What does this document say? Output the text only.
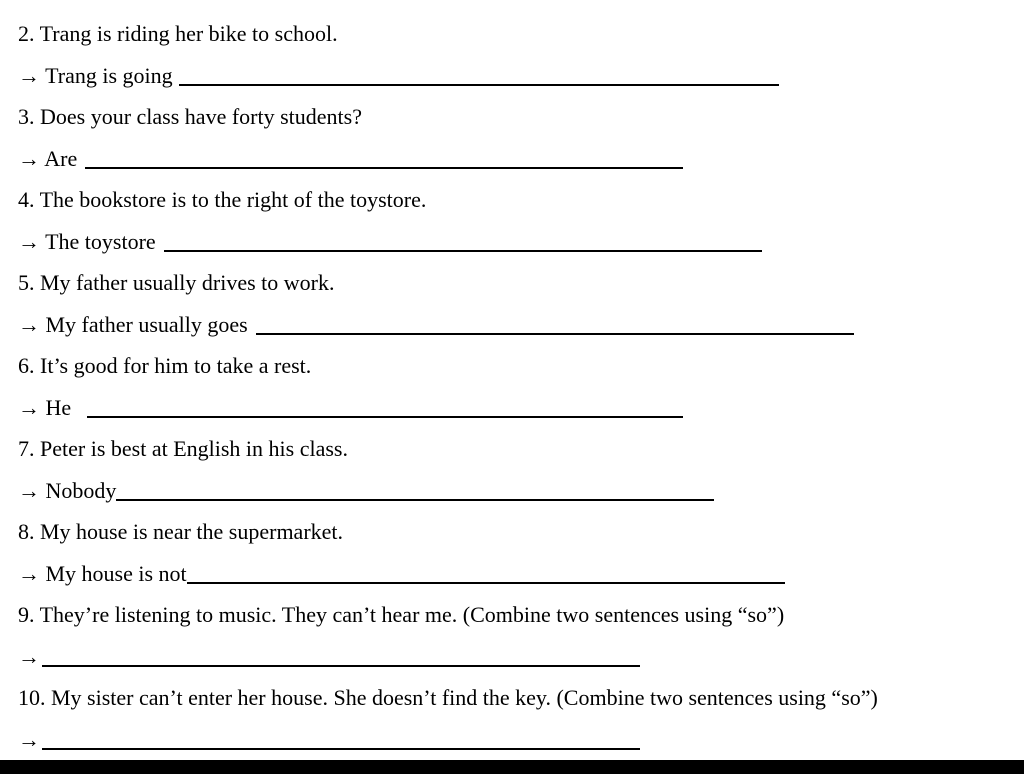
2. Trang is riding her bike to school.
→ Trang is going
3. Does your class have forty students?
→ Are
4. The bookstore is to the right of the toystore.
→ The toystore
5. My father usually drives to work.
→ My father usually goes
6. It’s good for him to take a rest.
→ He
7. Peter is best at English in his class.
→ Nobody
8. My house is near the supermarket.
→ My house is not
9. They’re listening to music. They can’t hear me. (Combine two sentences using “so”)
→
10. My sister can’t enter her house. She doesn’t find the key. (Combine two sentences using “so”)
→
